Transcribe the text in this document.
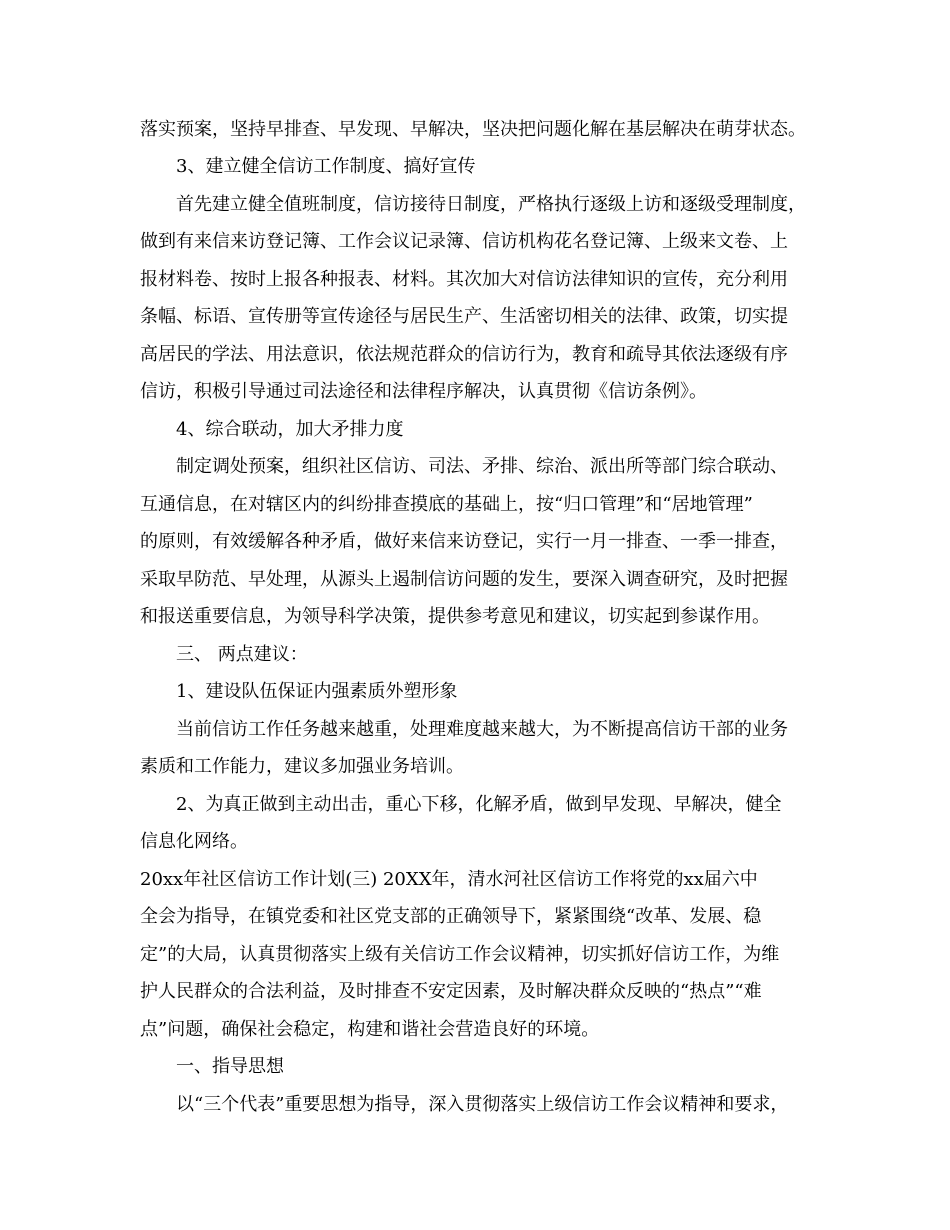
落实预案，坚持早排查、早发现、早解决，坚决把问题化解在基层解决在萌芽状态。
3、建立健全信访工作制度、搞好宣传
首先建立健全值班制度，信访接待日制度，严格执行逐级上访和逐级受理制度，
做到有来信来访登记簿、工作会议记录簿、信访机构花名登记簿、上级来文卷、上
报材料卷、按时上报各种报表、材料。其次加大对信访法律知识的宣传，充分利用
条幅、标语、宣传册等宣传途径与居民生产、生活密切相关的法律、政策，切实提
高居民的学法、用法意识，依法规范群众的信访行为，教育和疏导其依法逐级有序
信访，积极引导通过司法途径和法律程序解决，认真贯彻《信访条例》。
4、综合联动，加大矛排力度
制定调处预案，组织社区信访、司法、矛排、综治、派出所等部门综合联动、
互通信息，在对辖区内的纠纷排查摸底的基础上，按“归口管理”和“居地管理”
的原则，有效缓解各种矛盾，做好来信来访登记，实行一月一排查、一季一排查，
采取早防范、早处理，从源头上遏制信访问题的发生，要深入调查研究，及时把握
和报送重要信息，为领导科学决策，提供参考意见和建议，切实起到参谋作用。
三、 两点建议：
1、建设队伍保证内强素质外塑形象
当前信访工作任务越来越重，处理难度越来越大，为不断提高信访干部的业务
素质和工作能力，建议多加强业务培训。
2、为真正做到主动出击，重心下移，化解矛盾，做到早发现、早解决，健全
信息化网络。
20xx年社区信访工作计划(三) 20XX年，清水河社区信访工作将党的xx届六中
全会为指导，在镇党委和社区党支部的正确领导下，紧紧围绕“改革、发展、稳
定”的大局，认真贯彻落实上级有关信访工作会议精神，切实抓好信访工作，为维
护人民群众的合法利益，及时排查不安定因素，及时解决群众反映的“热点”“难
点”问题，确保社会稳定，构建和谐社会营造良好的环境。
一、指导思想
以“三个代表”重要思想为指导，深入贯彻落实上级信访工作会议精神和要求，
